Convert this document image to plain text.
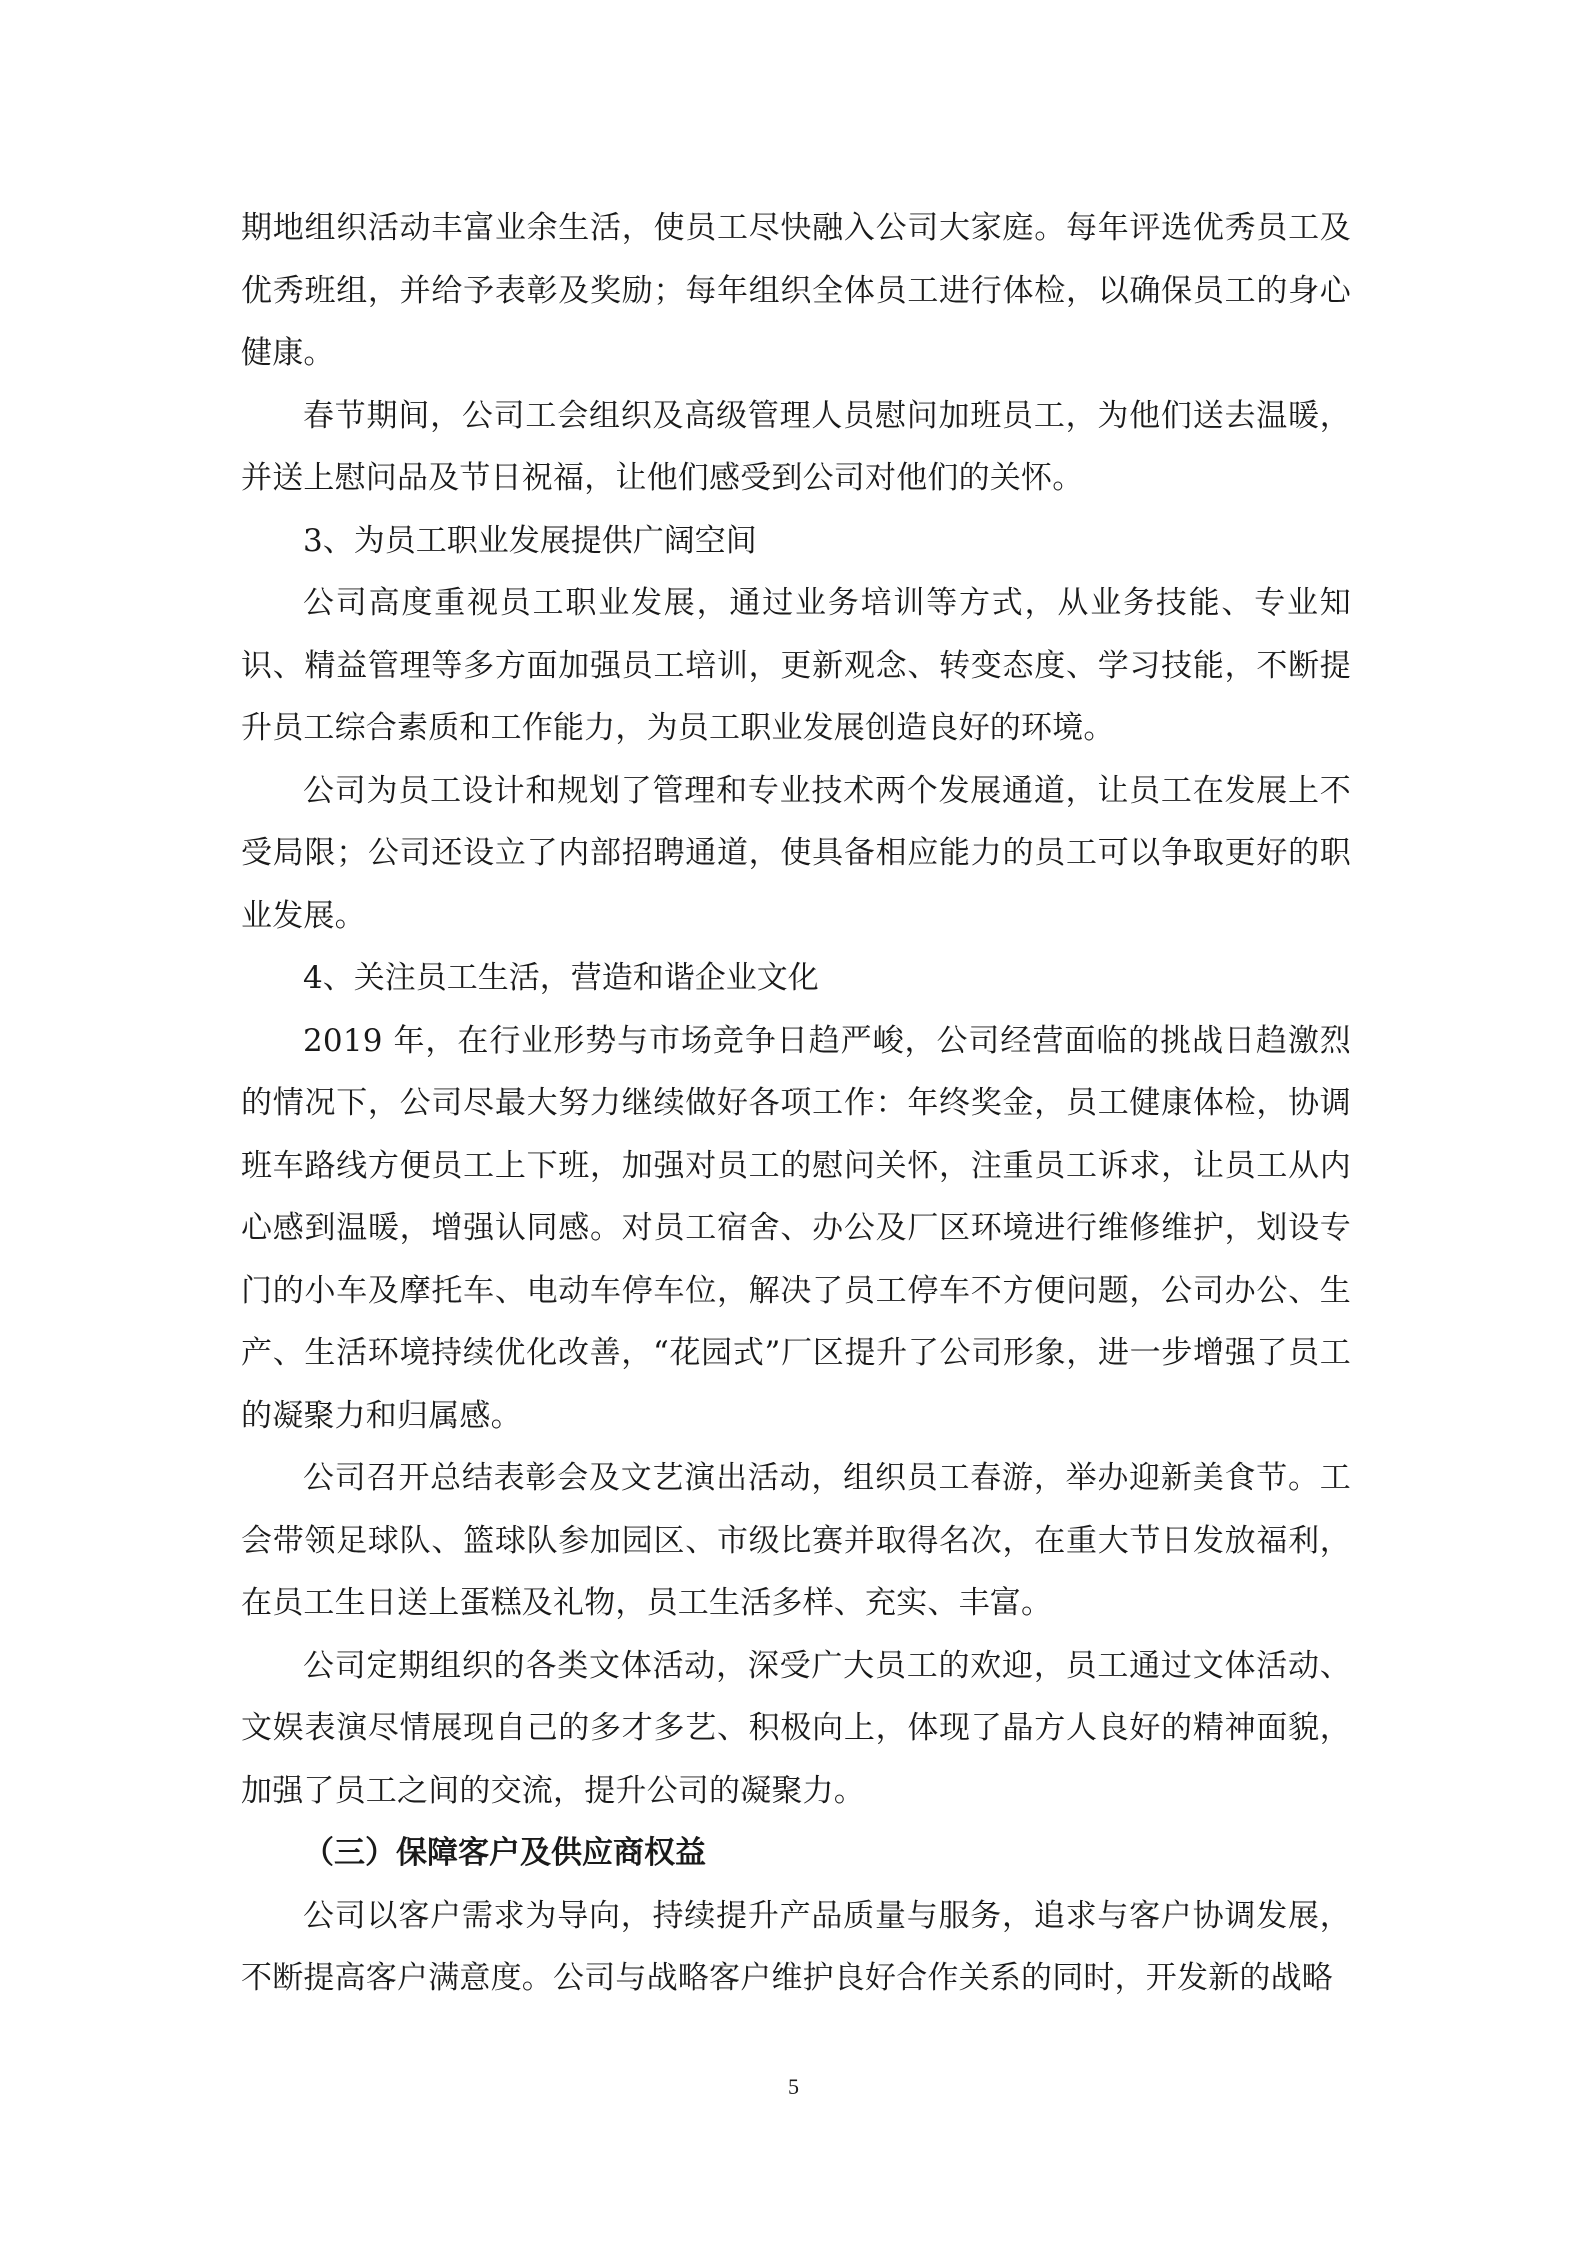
期地组织活动丰富业余生活，使员工尽快融入公司大家庭。每年评选优秀员工及优秀班组，并给予表彰及奖励；每年组织全体员工进行体检，以确保员工的身心健康。

春节期间，公司工会组织及高级管理人员慰问加班员工，为他们送去温暖，并送上慰问品及节日祝福，让他们感受到公司对他们的关怀。

3、为员工职业发展提供广阔空间

公司高度重视员工职业发展，通过业务培训等方式，从业务技能、专业知识、精益管理等多方面加强员工培训，更新观念、转变态度、学习技能，不断提升员工综合素质和工作能力，为员工职业发展创造良好的环境。

公司为员工设计和规划了管理和专业技术两个发展通道，让员工在发展上不受局限；公司还设立了内部招聘通道，使具备相应能力的员工可以争取更好的职业发展。

4、关注员工生活，营造和谐企业文化

2019 年，在行业形势与市场竞争日趋严峻，公司经营面临的挑战日趋激烈的情况下，公司尽最大努力继续做好各项工作：年终奖金，员工健康体检，协调班车路线方便员工上下班，加强对员工的慰问关怀，注重员工诉求，让员工从内心感到温暖，增强认同感。对员工宿舍、办公及厂区环境进行维修维护，划设专门的小车及摩托车、电动车停车位，解决了员工停车不方便问题，公司办公、生产、生活环境持续优化改善，“花园式”厂区提升了公司形象，进一步增强了员工的凝聚力和归属感。

公司召开总结表彰会及文艺演出活动，组织员工春游，举办迎新美食节。工会带领足球队、篮球队参加园区、市级比赛并取得名次，在重大节日发放福利，在员工生日送上蛋糕及礼物，员工生活多样、充实、丰富。

公司定期组织的各类文体活动，深受广大员工的欢迎，员工通过文体活动、文娱表演尽情展现自己的多才多艺、积极向上，体现了晶方人良好的精神面貌，加强了员工之间的交流，提升公司的凝聚力。

（三）保障客户及供应商权益

公司以客户需求为导向，持续提升产品质量与服务，追求与客户协调发展，不断提高客户满意度。公司与战略客户维护良好合作关系的同时，开发新的战略

5
